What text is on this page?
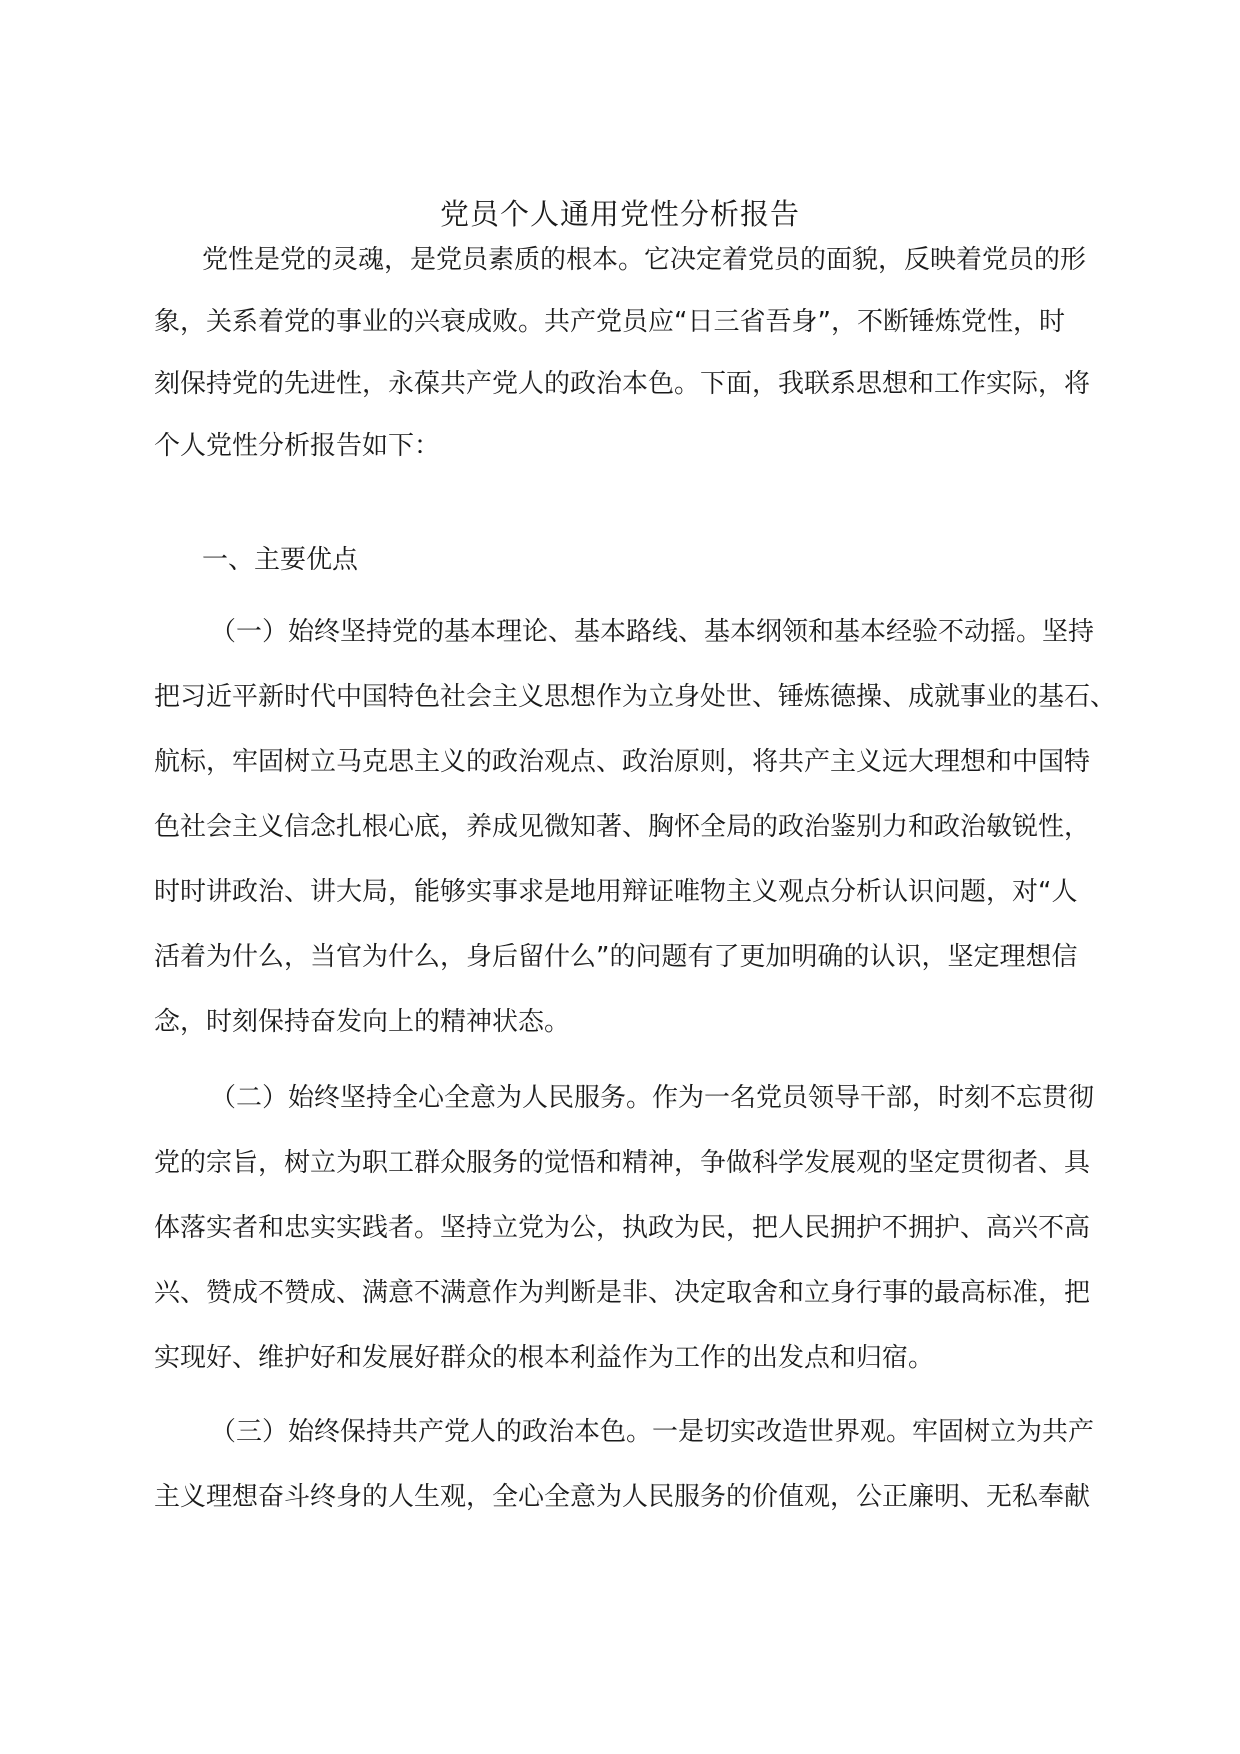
党员个人通用党性分析报告
党性是党的灵魂，是党员素质的根本。它决定着党员的面貌，反映着党员的形
象，关系着党的事业的兴衰成败。共产党员应“日三省吾身”，不断锤炼党性，时
刻保持党的先进性，永葆共产党人的政治本色。下面，我联系思想和工作实际，将
个人党性分析报告如下：
一、主要优点
（一）始终坚持党的基本理论、基本路线、基本纲领和基本经验不动摇。坚持
把习近平新时代中国特色社会主义思想作为立身处世、锤炼德操、成就事业的基石、
航标，牢固树立马克思主义的政治观点、政治原则，将共产主义远大理想和中国特
色社会主义信念扎根心底，养成见微知著、胸怀全局的政治鉴别力和政治敏锐性，
时时讲政治、讲大局，能够实事求是地用辩证唯物主义观点分析认识问题，对“人
活着为什么，当官为什么，身后留什么”的问题有了更加明确的认识，坚定理想信
念，时刻保持奋发向上的精神状态。
（二）始终坚持全心全意为人民服务。作为一名党员领导干部，时刻不忘贯彻
党的宗旨，树立为职工群众服务的觉悟和精神，争做科学发展观的坚定贯彻者、具
体落实者和忠实实践者。坚持立党为公，执政为民，把人民拥护不拥护、高兴不高
兴、赞成不赞成、满意不满意作为判断是非、决定取舍和立身行事的最高标准，把
实现好、维护好和发展好群众的根本利益作为工作的出发点和归宿。
（三）始终保持共产党人的政治本色。一是切实改造世界观。牢固树立为共产
主义理想奋斗终身的人生观，全心全意为人民服务的价值观，公正廉明、无私奉献
